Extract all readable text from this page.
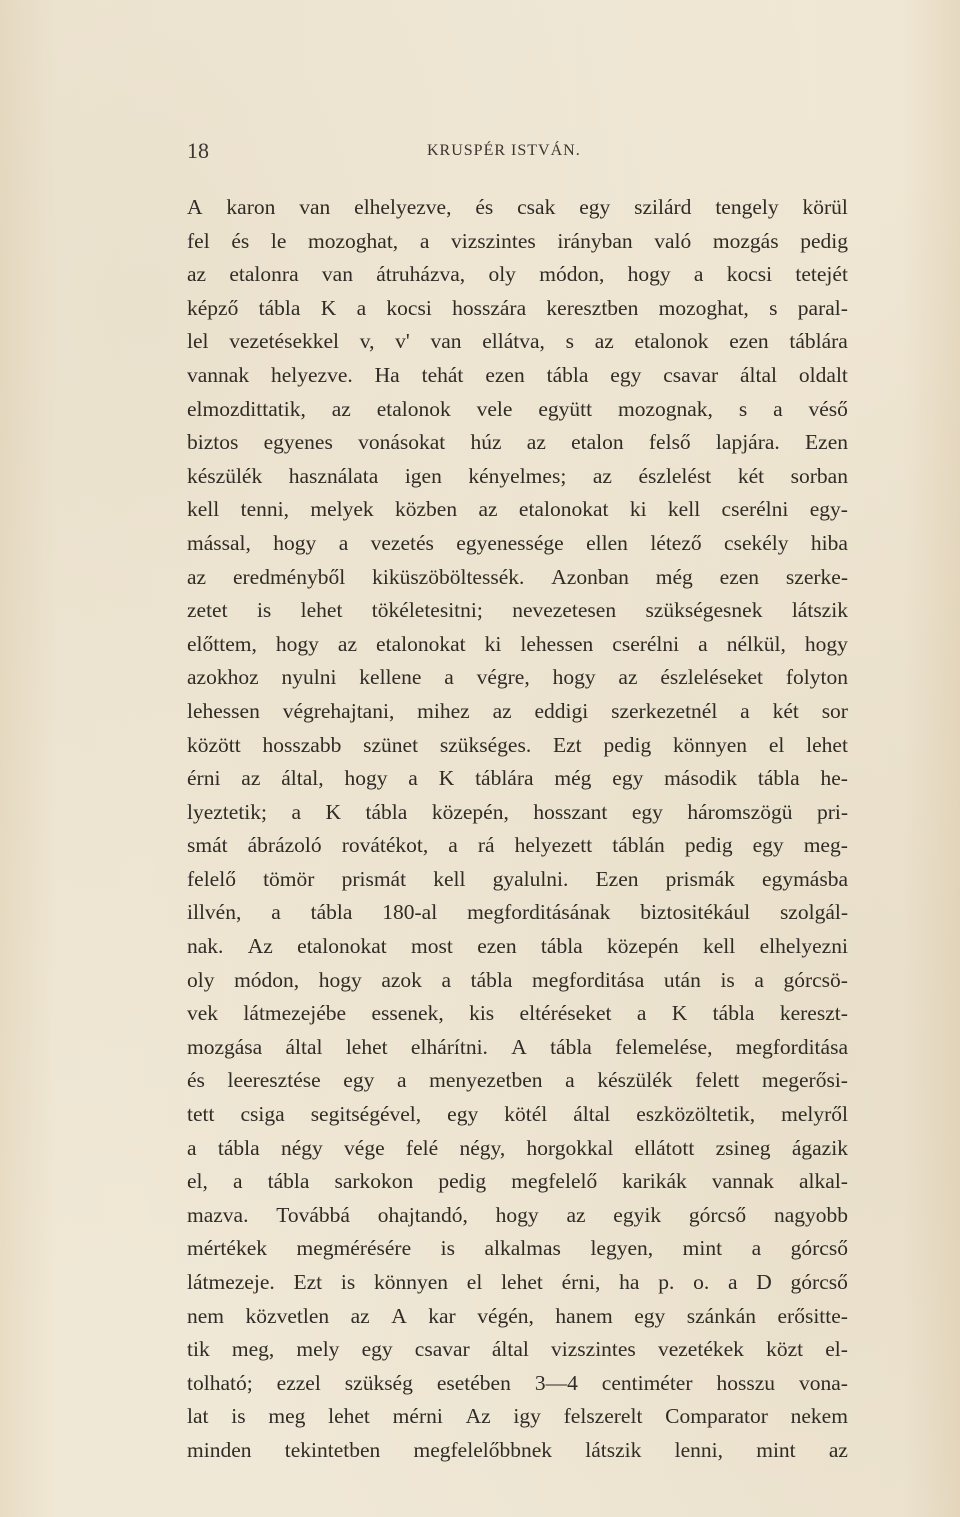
18	KRUSPÉR ISTVÁN.
A karon van elhelyezve, és csak egy szilárd tengely körül
fel és le mozoghat, a vizszintes irányban való mozgás pedig
az etalonra van átruházva, oly módon, hogy a kocsi tetejét
képző tábla K a kocsi hosszára keresztben mozoghat, s paral-
lel vezetésekkel v, v' van ellátva, s az etalonok ezen táblára
vannak helyezve. Ha tehát ezen tábla egy csavar által oldalt
elmozdittatik, az etalonok vele együtt mozognak, s a véső
biztos egyenes vonásokat húz az etalon felső lapjára. Ezen
készülék használata igen kényelmes; az észlelést két sorban
kell tenni, melyek közben az etalonokat ki kell cserélni egy-
mással, hogy a vezetés egyenessége ellen létező csekély hiba
az eredményből kiküszöböltessék. Azonban még ezen szerke-
zetet is lehet tökéletesitni; nevezetesen szükségesnek látszik
előttem, hogy az etalonokat ki lehessen cserélni a nélkül, hogy
azokhoz nyulni kellene a végre, hogy az észleléseket folyton
lehessen végrehajtani, mihez az eddigi szerkezetnél a két sor
között hosszabb szünet szükséges. Ezt pedig könnyen el lehet
érni az által, hogy a K táblára még egy második tábla he-
lyeztetik; a K tábla közepén, hosszant egy háromszögü pri-
smát ábrázoló rovátékot, a rá helyezett táblán pedig egy meg-
felelő tömör prismát kell gyalulni. Ezen prismák egymásba
illvén, a tábla 180-al megforditásának biztositékául szolgál-
nak. Az etalonokat most ezen tábla közepén kell elhelyezni
oly módon, hogy azok a tábla megforditása után is a górcsö-
vek látmezejébe essenek, kis eltéréseket a K tábla kereszt-
mozgása által lehet elhárítni. A tábla felemelése, megforditása
és leeresztése egy a menyezetben a készülék felett megerősi-
tett csiga segitségével, egy kötél által eszközöltetik, melyről
a tábla négy vége felé négy, horgokkal ellátott zsineg ágazik
el, a tábla sarkokon pedig megfelelő karikák vannak alkal-
mazva. Továbbá ohajtandó, hogy az egyik górcső nagyobb
mértékek megmérésére is alkalmas legyen, mint a górcső
látmezeje. Ezt is könnyen el lehet érni, ha p. o. a D górcső
nem közvetlen az A kar végén, hanem egy szánkán erősitte-
tik meg, mely egy csavar által vizszintes vezetékek közt el-
tolható; ezzel szükség esetében 3—4 centiméter hosszu vona-
lat is meg lehet mérni Az igy felszerelt Comparator nekem
minden tekintetben megfelelőbbnek látszik lenni, mint az
